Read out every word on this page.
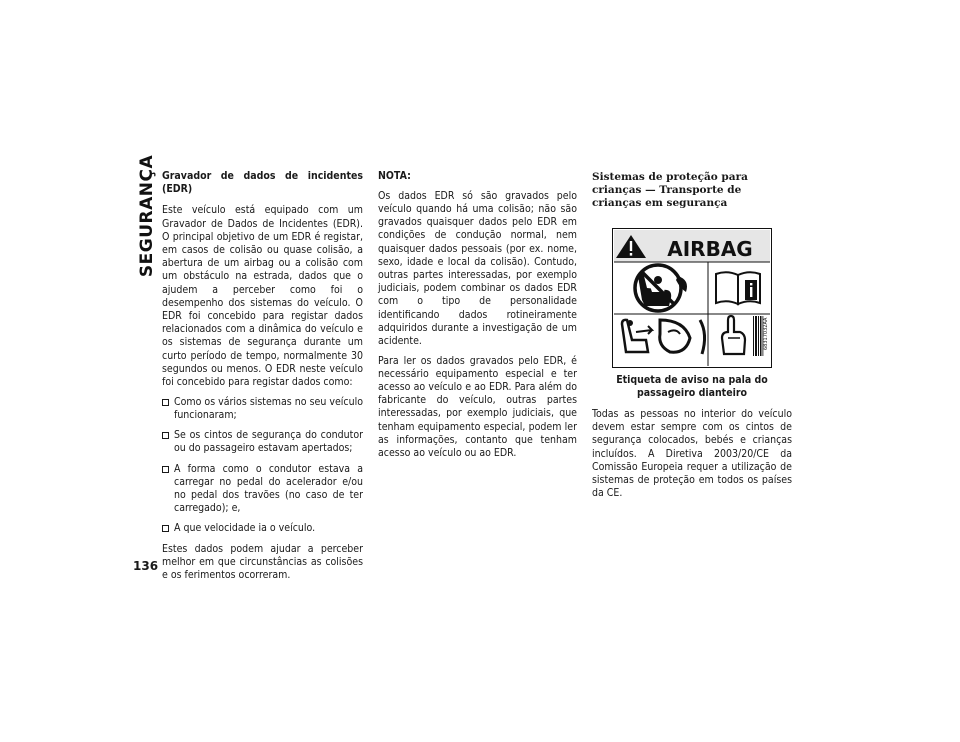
SEGURANÇA Gravador de dados de incidentes (EDR)

Este veículo está equipado com um Gravador de Dados de Incidentes (EDR). O principal objetivo de um EDR é registar, em casos de colisão ou quase colisão, a abertura de um airbag ou a colisão com um obstáculo na estrada, dados que o ajudem a perceber como foi o desempenho dos sistemas do veículo. O EDR foi concebido para registar dados relacionados com a dinâmica do veículo e os sistemas de segurança durante um curto período de tempo, normalmente 30 segundos ou menos. O EDR neste veículo foi concebido para registar dados como:

Como os vários sistemas no seu veículo funcionaram;
Se os cintos de segurança do condutor ou do passageiro estavam apertados;
A forma como o condutor estava a carregar no pedal do acelerador e/ou no pedal dos travões (no caso de ter carregado); e,
A que velocidade ia o veículo.

Estes dados podem ajudar a perceber melhor em que circunstâncias as colisões e os ferimentos ocorreram.

NOTA:

Os dados EDR só são gravados pelo veículo quando há uma colisão; não são gravados quaisquer dados pelo EDR em condições de condução normal, nem quaisquer dados pessoais (por ex. nome, sexo, idade e local da colisão). Contudo, outras partes interessadas, por exemplo judiciais, podem combinar os dados EDR com o tipo de personalidade identificando dados rotineiramente adquiridos durante a investigação de um acidente.

Para ler os dados gravados pelo EDR, é necessário equipamento especial e ter acesso ao veículo e ao EDR. Para além do fabricante do veículo, outras partes interessadas, por exemplo judiciais, que tenham equipamento especial, podem ler as informações, contanto que tenham acesso ao veículo ou ao EDR.

Sistemas de proteção para crianças — Transporte de crianças em segurança
AIRBAG
68317032AA
Etiqueta de aviso na pala do passageiro dianteiro

Todas as pessoas no interior do veículo devem estar sempre com os cintos de segurança colocados, bebés e crianças incluídos. A Diretiva 2003/20/CE da Comissão Europeia requer a utilização de sistemas de proteção em todos os países da CE.

136
